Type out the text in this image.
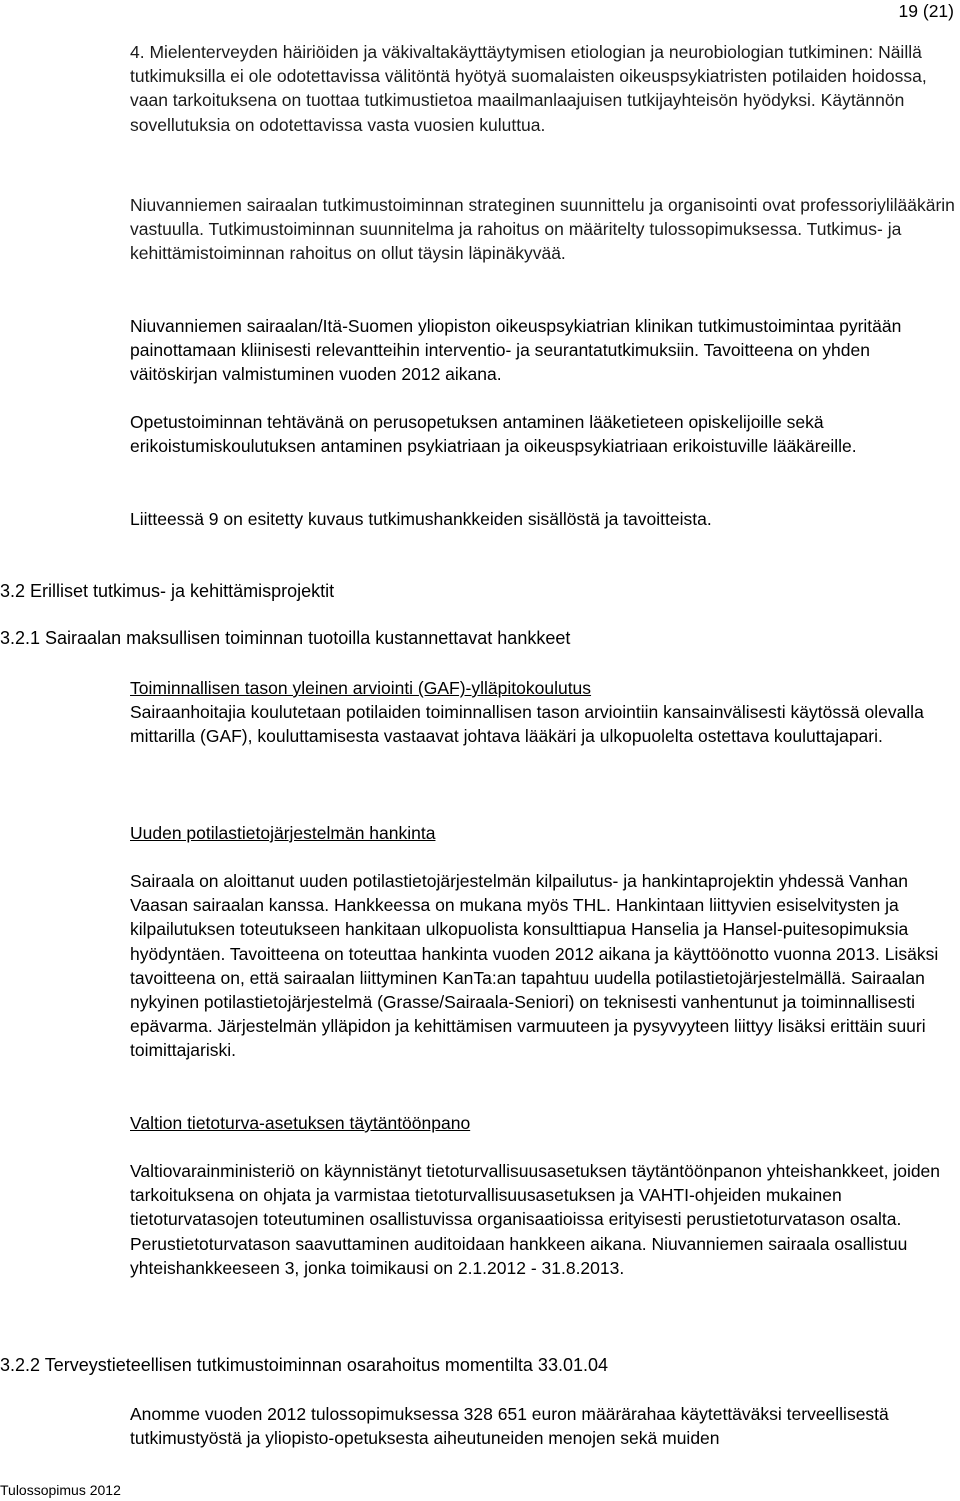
19 (21)

4. Mielenterveyden häiriöiden ja väkivaltakäyttäytymisen etiologian ja neurobiologian tutkiminen: Näillä tutkimuksilla ei ole odotettavissa välitöntä hyötyä suomalaisten oikeuspsykiatristen potilaiden hoidossa, vaan tarkoituksena on tuottaa tutkimustietoa maailmanlaajuisen tutkijayhteisön hyödyksi. Käytännön sovellutuksia on odotettavissa vasta vuosien kuluttua.

Niuvanniemen sairaalan tutkimustoiminnan strateginen suunnittelu ja organisointi ovat professoriylilääkärin vastuulla. Tutkimustoiminnan suunnitelma ja rahoitus on määritelty tulossopimuksessa. Tutkimus- ja kehittämistoiminnan rahoitus on ollut täysin läpinäkyvää.

Niuvanniemen sairaalan/Itä-Suomen yliopiston oikeuspsykiatrian klinikan tutkimustoimintaa pyritään painottamaan kliinisesti relevantteihin interventio- ja seurantatutkimuksiin. Tavoitteena on yhden väitöskirjan valmistuminen vuoden 2012 aikana.

Opetustoiminnan tehtävänä on perusopetuksen antaminen lääketieteen opiskelijoille sekä erikoistumiskoulutuksen antaminen psykiatriaan ja oikeuspsykiatriaan erikoistuville lääkäreille.

Liitteessä 9 on esitetty kuvaus tutkimushankkeiden sisällöstä ja tavoitteista.

3.2 Erilliset tutkimus- ja kehittämisprojektit
3.2.1 Sairaalan maksullisen toiminnan tuotoilla kustannettavat hankkeet

Toiminnallisen tason yleinen arviointi (GAF)-ylläpitokoulutus

Sairaanhoitajia koulutetaan potilaiden toiminnallisen tason arviointiin kansainvälisesti käytössä olevalla mittarilla (GAF), kouluttamisesta vastaavat johtava lääkäri ja ulkopuolelta ostettava kouluttajapari.

Uuden potilastietojärjestelmän hankinta

Sairaala on aloittanut uuden potilastietojärjestelmän kilpailutus- ja hankintaprojektin yhdessä Vanhan Vaasan sairaalan kanssa. Hankkeessa on mukana myös THL. Hankintaan liittyvien esiselvitysten ja kilpailutuksen toteutukseen hankitaan ulkopuolista konsulttiapua Hanselia ja Hansel-puitesopimuksia hyödyntäen. Tavoitteena on toteuttaa hankinta vuoden 2012 aikana ja käyttöönotto vuonna 2013. Lisäksi tavoitteena on, että sairaalan liittyminen KanTa:an tapahtuu uudella potilastietojärjestelmällä. Sairaalan nykyinen potilastietojärjestelmä (Grasse/Sairaala-Seniori) on teknisesti vanhentunut ja toiminnallisesti epävarma. Järjestelmän ylläpidon ja kehittämisen varmuuteen ja pysyvyyteen liittyy lisäksi erittäin suuri toimittajariski.

Valtion tietoturva-asetuksen täytäntöönpano

Valtiovarainministeriö on käynnistänyt tietoturvallisuusasetuksen täytäntöönpanon yhteishankkeet, joiden tarkoituksena on ohjata ja varmistaa tietoturvallisuusasetuksen ja VAHTI-ohjeiden mukainen tietoturvatasojen toteutuminen osallistuvissa organisaatioissa erityisesti perustietoturvatason osalta. Perustietoturvatason saavuttaminen auditoidaan hankkeen aikana. Niuvanniemen sairaala osallistuu yhteishankkeeseen 3, jonka toimikausi on 2.1.2012 - 31.8.2013.

3.2.2 Terveystieteellisen tutkimustoiminnan osarahoitus momentilta 33.01.04

Anomme vuoden 2012 tulossopimuksessa 328 651 euron määrärahaa käytettäväksi terveellisestä tutkimustyöstä ja yliopisto-opetuksesta aiheutuneiden menojen sekä muiden

Tulossopimus 2012
